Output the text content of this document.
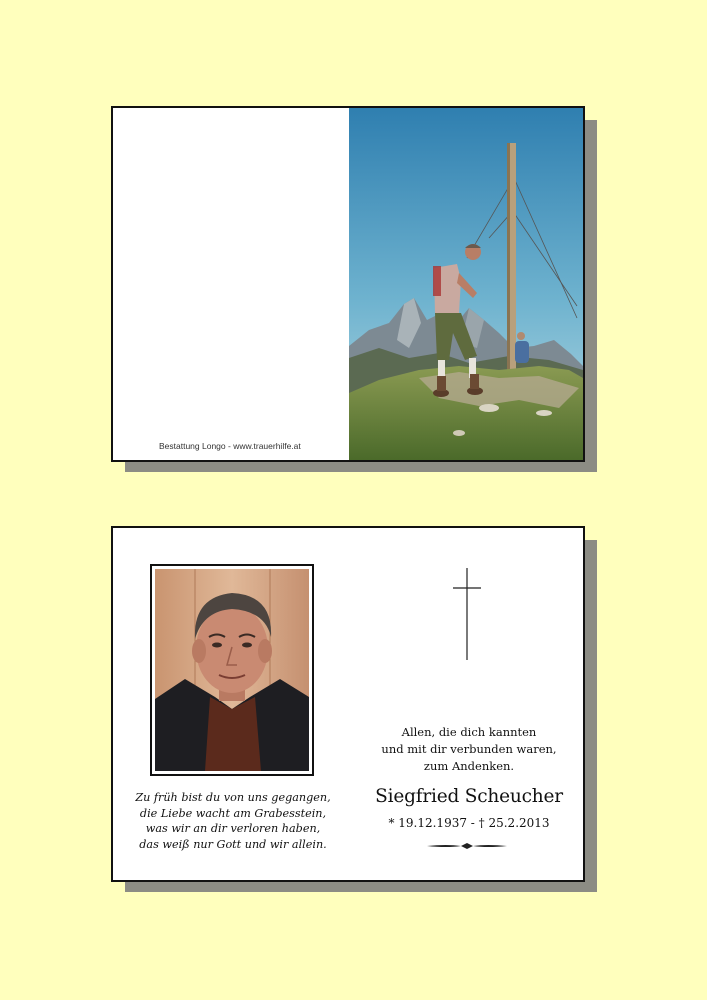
Bestattung Longo - www.trauerhilfe.at
Zu früh bist du von uns gegangen,
die Liebe wacht am Grabesstein,
was wir an dir verloren haben,
das weiß nur Gott und wir allein.
Allen, die dich kannten
und mit dir verbunden waren,
zum Andenken.
Siegfried Scheucher
* 19.12.1937 - † 25.2.2013
